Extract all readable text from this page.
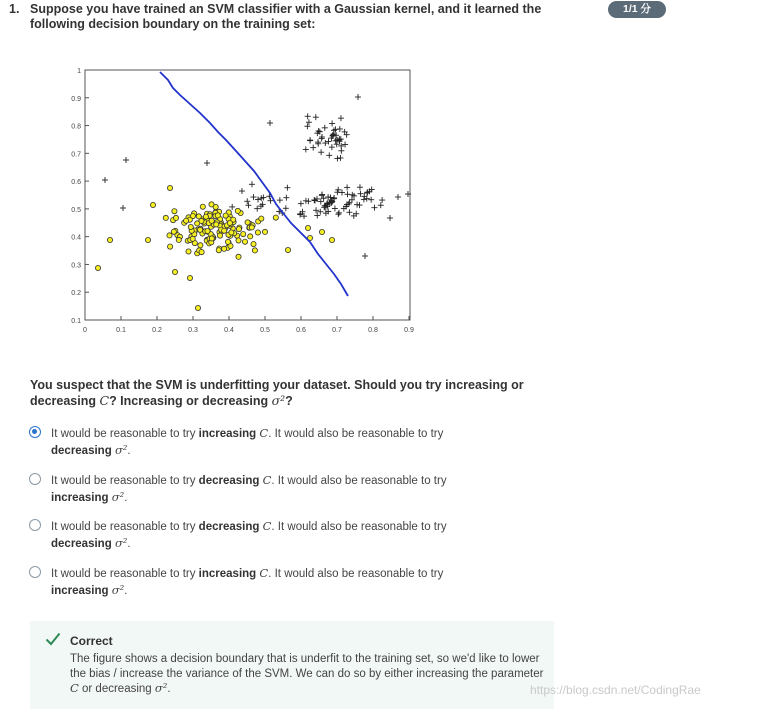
1. Suppose you have trained an SVM classifier with a Gaussian kernel, and it learned the following decision boundary on the training set:
1/1 分
1
0.9
0.8
0.7
0.6
0.5
0.4
0.3
0.2
0.1
0	0.1	0.2	0.3	0.4	0.5	0.6	0.7	0.8	0.9
You suspect that the SVM is underfitting your dataset. Should you try increasing or decreasing C? Increasing or decreasing σ²?
It would be reasonable to try increasing C. It would also be reasonable to try
decreasing σ².
It would be reasonable to try decreasing C. It would also be reasonable to try
increasing σ².
It would be reasonable to try decreasing C. It would also be reasonable to try
decreasing σ².
It would be reasonable to try increasing C. It would also be reasonable to try
increasing σ².
Correct
The figure shows a decision boundary that is underfit to the training set, so we'd like to lower the bias / increase the variance of the SVM. We can do so by either increasing the parameter C or decreasing σ².	https://blog.csdn.net/CodingRae
